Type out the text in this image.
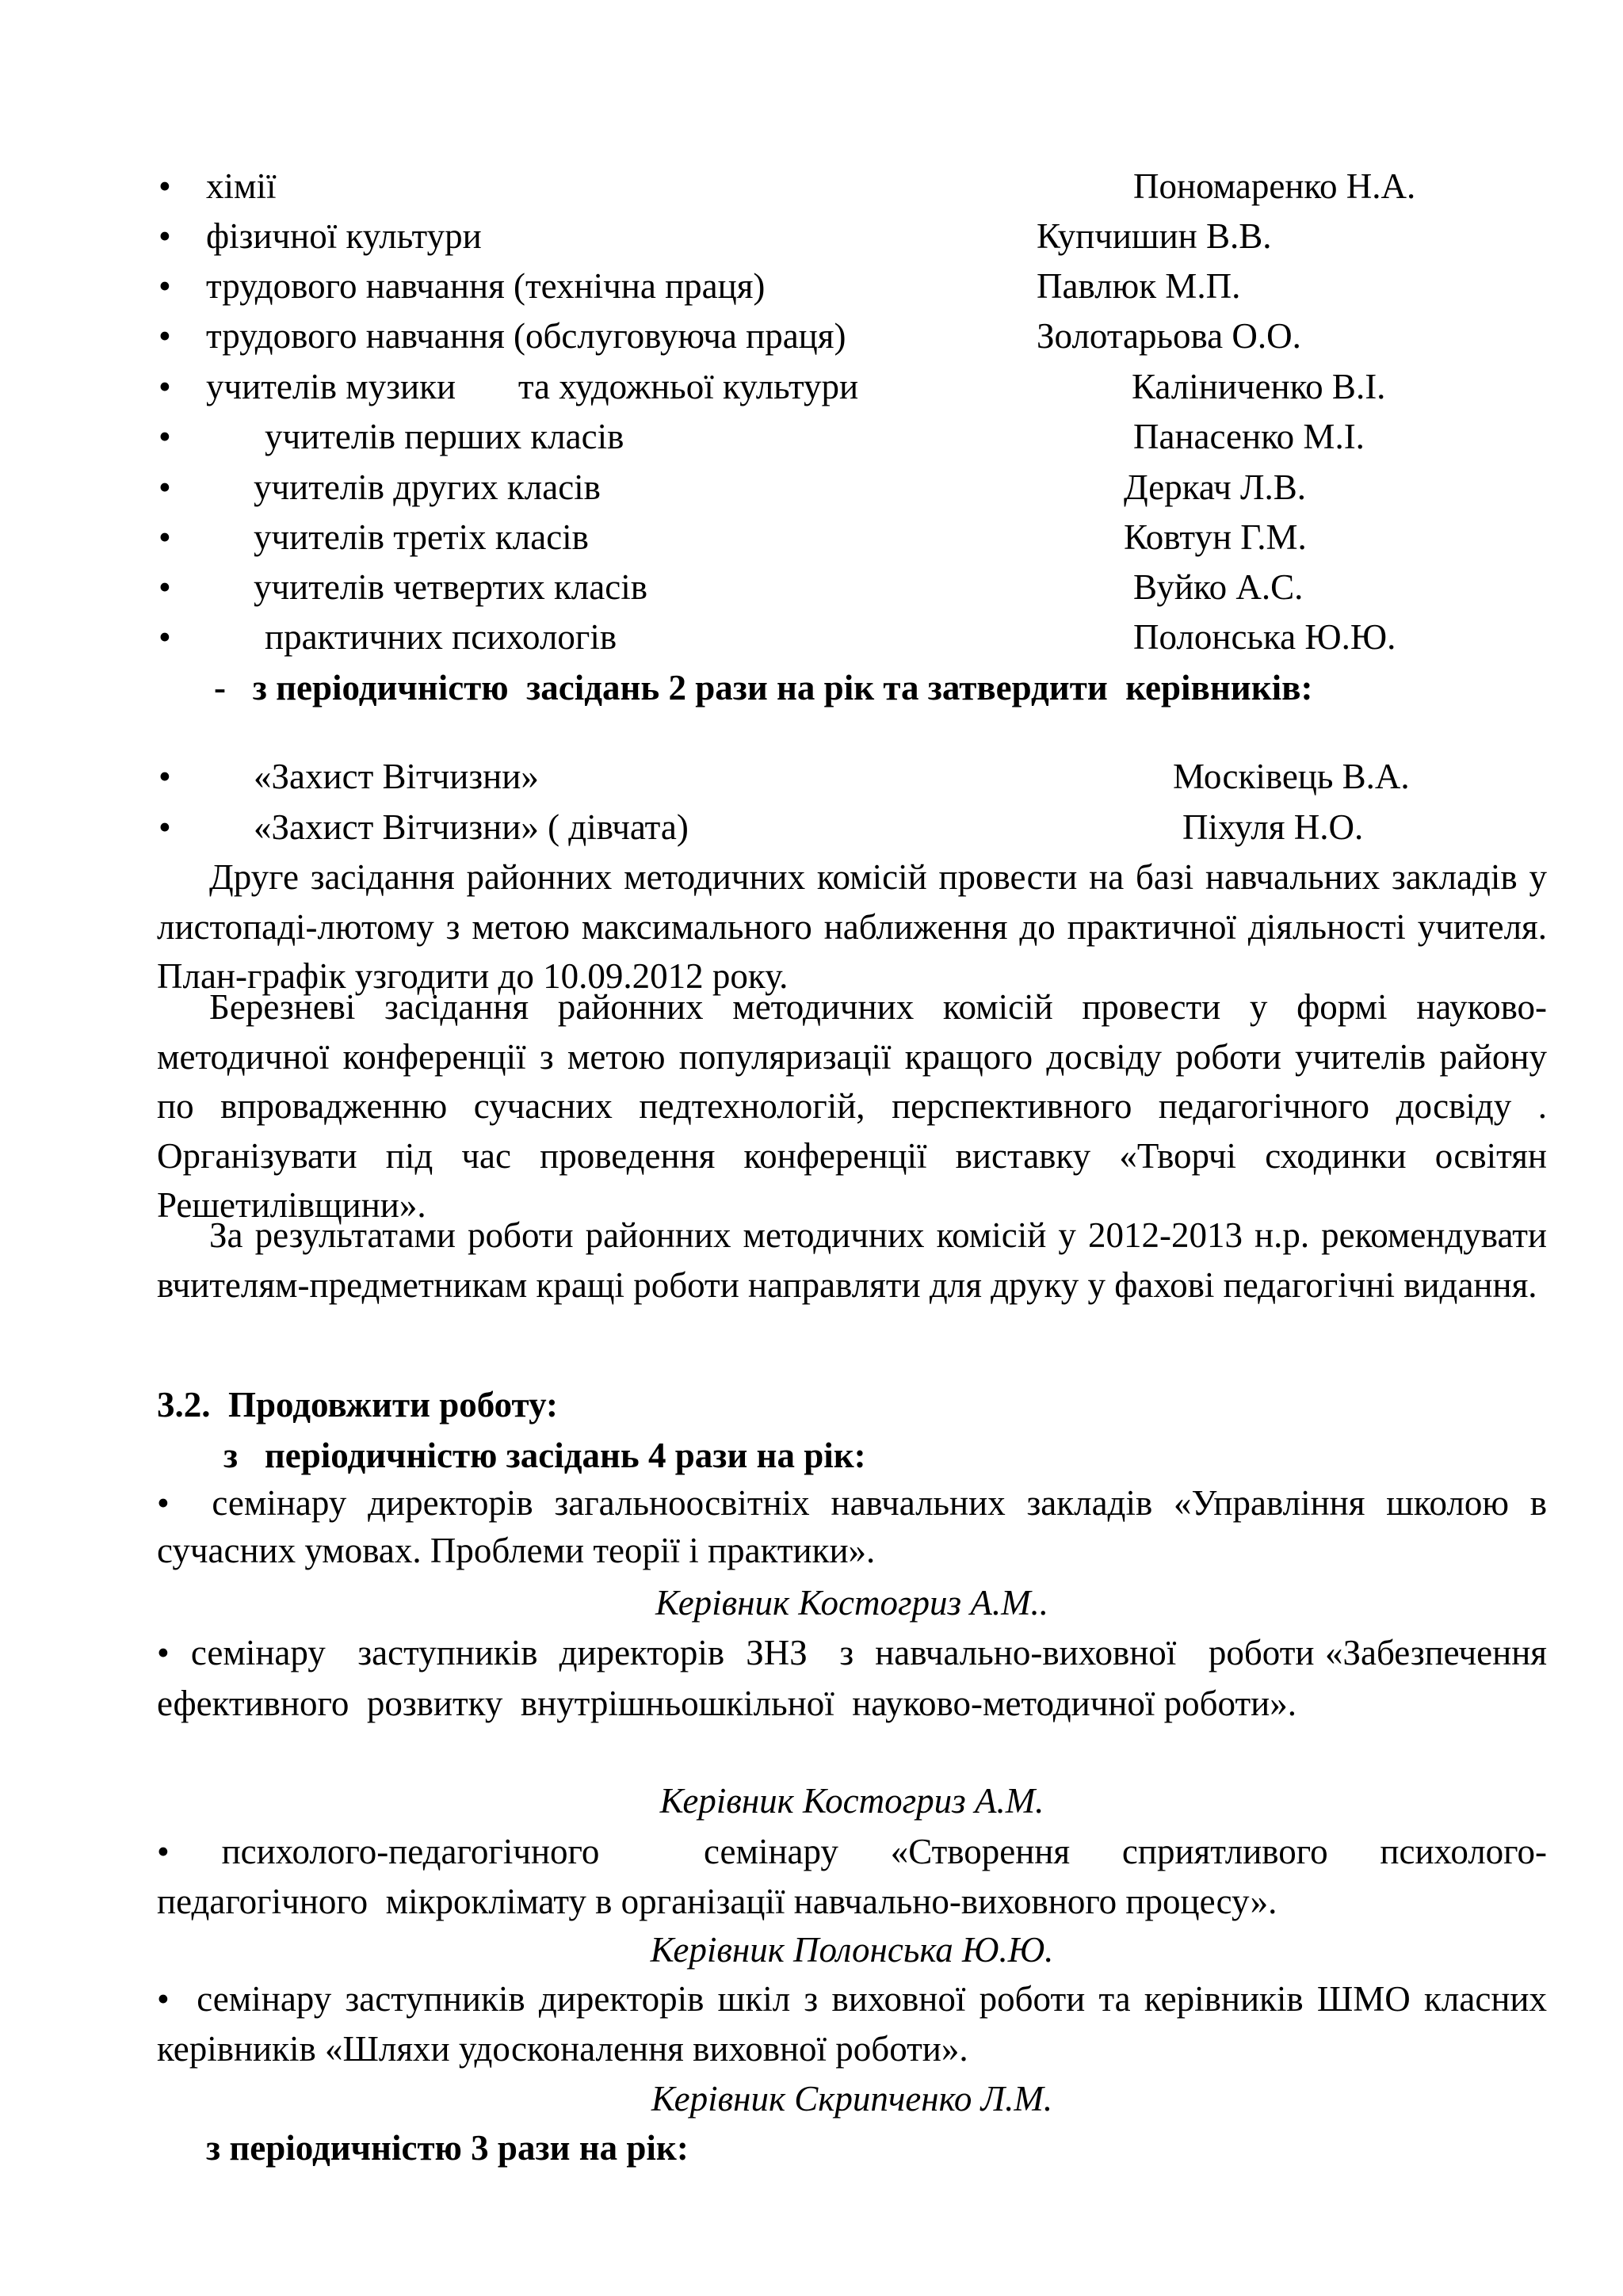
• хімії	Пономаренко Н.А.
• фізичної культури	Купчишин В.В.
• трудового навчання (технічна праця)	Павлюк М.П.
• трудового навчання (обслуговуюча праця)	Золотарьова О.О.
• учителів музики       та художньої культури	Каліниченко В.І.
•	учителів перших класів	Панасенко М.І.
• учителів других класів	Деркач Л.В.
• учителів третіх класів	Ковтун Г.М.
• учителів четвертих класів	Вуйко А.С.
•	практичних психологів	Полонська Ю.Ю.
-   з періодичністю  засідань 2 рази на рік та затвердити  керівників:
• «Захист Вітчизни»	Москівець В.А.
• «Захист Вітчизни» ( дівчата)	Піхуля Н.О.
Друге засідання районних методичних комісій провести на базі навчальних закладів у листопаді-лютому з метою максимального наближення до практичної діяльності учителя. План-графік узгодити до 10.09.2012 року.
Березневі засідання районних методичних комісій провести у формі науково-методичної конференції з метою популяризації кращого досвіду роботи учителів району по впровадженню сучасних педтехнологій, перспективного педагогічного досвіду . Організувати під час проведення конференції виставку «Творчі сходинки освітян Решетилівщини».
За результатами роботи районних методичних комісій у 2012-2013 н.р. рекомендувати вчителям-предметникам кращі роботи направляти для друку у фахові педагогічні видання.
3.2.  Продовжити роботу:
з   періодичністю засідань 4 рази на рік:
• семінару директорів загальноосвітніх навчальних закладів «Управління школою в сучасних умовах. Проблеми теорії і практики».
Керівник Костогриз А.М..
• семінару   заступників  директорів  ЗНЗ   з  навчально-виховної   роботи «Забезпечення   ефективного  розвитку  внутрішньошкільної  науково-методичної роботи».
Керівник Костогриз А.М.
• психолого-педагогічного    семінару  «Створення  сприятливого  психолого-педагогічного  мікроклімату в організації навчально-виховного процесу».
Керівник Полонська Ю.Ю.
• семінару заступників директорів шкіл з виховної роботи та керівників ШМО класних керівників «Шляхи удосконалення виховної роботи».
Керівник Скрипченко Л.М.
з періодичністю 3 рази на рік:
